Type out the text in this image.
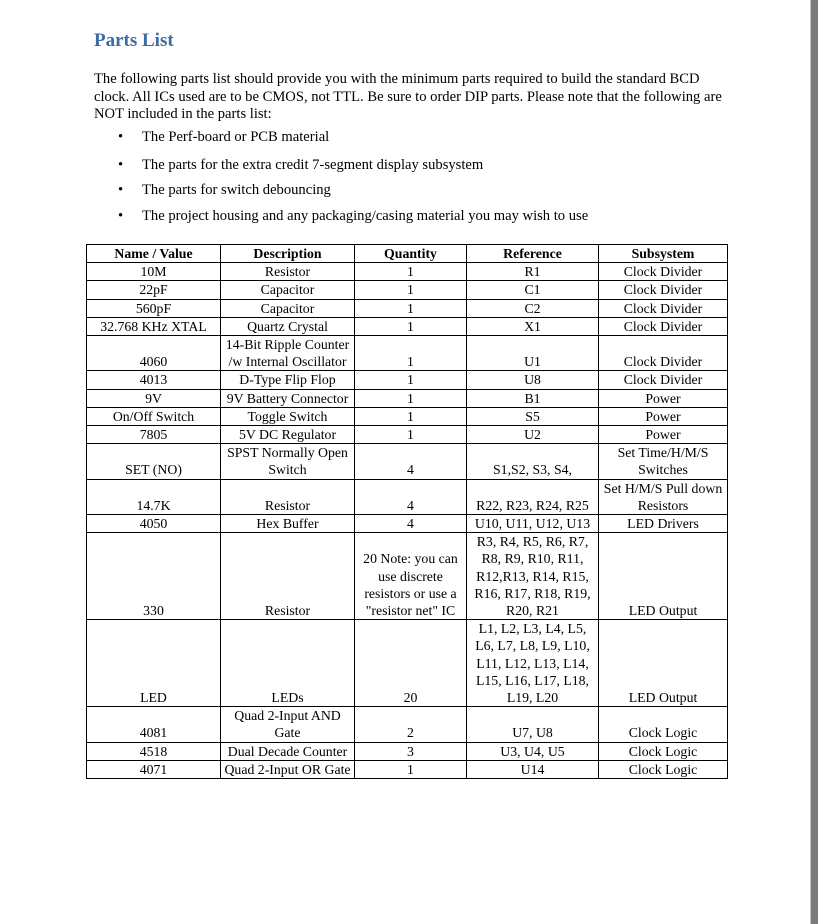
Parts List

The following parts list should provide you with the minimum parts required to build the standard BCD clock. All ICs used are to be CMOS, not TTL. Be sure to order DIP parts. Please note that the following are NOT included in the parts list:

• The Perf-board or PCB material
• The parts for the extra credit 7-segment display subsystem
• The parts for switch debouncing
• The project housing and any packaging/casing material you may wish to use
Name / Value	Description	Quantity	Reference	Subsystem
10M	Resistor	1	R1	Clock Divider
22pF	Capacitor	1	C1	Clock Divider
560pF	Capacitor	1	C2	Clock Divider
32.768 KHz XTAL	Quartz Crystal	1	X1	Clock Divider
4060	14-Bit Ripple Counter /w Internal Oscillator	1	U1	Clock Divider
4013	D-Type Flip Flop	1	U8	Clock Divider
9V	9V Battery Connector	1	B1	Power
On/Off Switch	Toggle Switch	1	S5	Power
7805	5V DC Regulator	1	U2	Power
SET (NO)	SPST Normally Open Switch	4	S1,S2, S3, S4,	Set Time/H/M/S Switches
14.7K	Resistor	4	R22, R23, R24, R25	Set H/M/S Pull down Resistors
4050	Hex Buffer	4	U10, U11, U12, U13	LED Drivers
330	Resistor	20 Note: you can use discrete resistors or use a "resistor net" IC	R3, R4, R5, R6, R7, R8, R9, R10, R11, R12,R13, R14, R15, R16, R17, R18, R19, R20, R21	LED Output
LED	LEDs	20	L1, L2, L3, L4, L5, L6, L7, L8, L9, L10, L11, L12, L13, L14, L15, L16, L17, L18, L19, L20	LED Output
4081	Quad 2-Input AND Gate	2	U7, U8	Clock Logic
4518	Dual Decade Counter	3	U3, U4, U5	Clock Logic
4071	Quad 2-Input OR Gate	1	U14	Clock Logic
